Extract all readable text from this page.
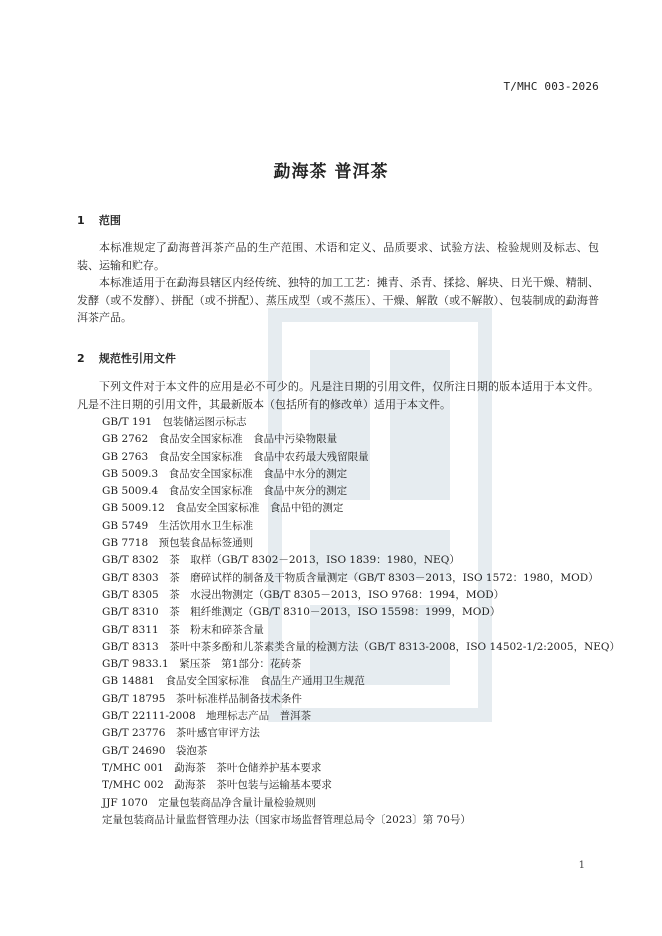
T/MHC 003-2026
勐海茶 普洱茶
1 范围
本标准规定了勐海普洱茶产品的生产范围、术语和定义、品质要求、试验方法、检验规则及标志、包装、运输和贮存。
本标准适用于在勐海县辖区内经传统、独特的加工工艺：摊青、杀青、揉捻、解块、日光干燥、精制、发酵（或不发酵）、拼配（或不拼配）、蒸压成型（或不蒸压）、干燥、解散（或不解散）、包装制成的勐海普洱茶产品。
2 规范性引用文件
下列文件对于本文件的应用是必不可少的。凡是注日期的引用文件，仅所注日期的版本适用于本文件。凡是不注日期的引用文件，其最新版本（包括所有的修改单）适用于本文件。
GB/T 191　包装储运图示标志
GB 2762　食品安全国家标准　食品中污染物限量
GB 2763　食品安全国家标准　食品中农药最大残留限量
GB 5009.3　食品安全国家标准　食品中水分的测定
GB 5009.4　食品安全国家标准　食品中灰分的测定
GB 5009.12　食品安全国家标准　食品中铅的测定
GB 5749　生活饮用水卫生标准
GB 7718　预包装食品标签通则
GB/T 8302　茶　取样（GB/T 8302－2013，ISO 1839：1980，NEQ）
GB/T 8303　茶　磨碎试样的制备及干物质含量测定（GB/T 8303－2013，ISO 1572：1980，MOD）
GB/T 8305　茶　水浸出物测定（GB/T 8305－2013，ISO 9768：1994，MOD）
GB/T 8310　茶　粗纤维测定（GB/T 8310－2013，ISO 15598：1999，MOD）
GB/T 8311　茶　粉末和碎茶含量
GB/T 8313　茶叶中茶多酚和儿茶素类含量的检测方法（GB/T 8313-2008，ISO 14502-1/2:2005，NEQ）
GB/T 9833.1　紧压茶　第1部分：花砖茶
GB 14881　食品安全国家标准　食品生产通用卫生规范
GB/T 18795　茶叶标准样品制备技术条件
GB/T 22111-2008　地理标志产品　普洱茶
GB/T 23776　茶叶感官审评方法
GB/T 24690　袋泡茶
T/MHC 001　勐海茶　茶叶仓储养护基本要求
T/MHC 002　勐海茶　茶叶包装与运输基本要求
JJF 1070　定量包装商品净含量计量检验规则
定量包装商品计量监督管理办法（国家市场监督管理总局令〔2023〕第 70号）
1
